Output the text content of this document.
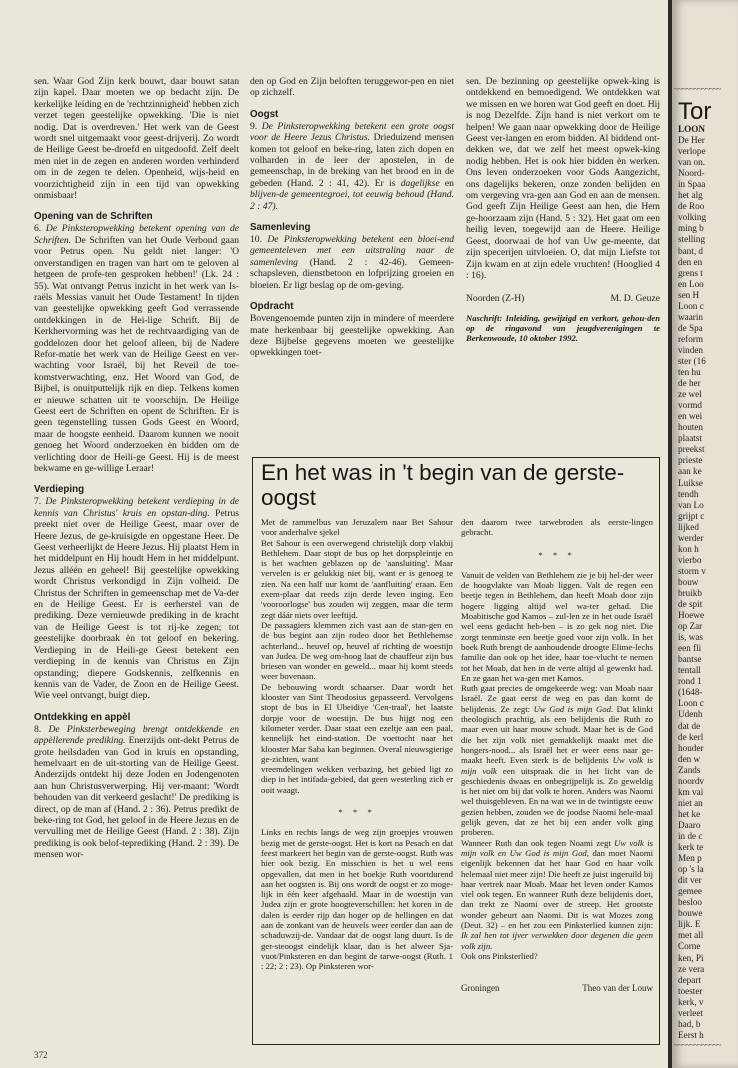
sen. Waar God Zijn kerk bouwt, daar bouwt satan zijn kapel. Daar moeten we op bedacht zijn. De kerkelijke leiding en de 'rechtzinnigheid' hebben zich verzet tegen geestelijke opwekking. 'Die is niet nodig. Dat is overdreven.' Het werk van de Geest wordt snel uitgemaakt voor geest-drijverij. Zo wordt de Heilige Geest be-droefd en uitgedoofd. Zelf deelt men niet in de zegen en anderen worden verhinderd om in de zegen te delen. Openheid, wijs-heid en voorzichtigheid zijn in een tijd van opwekking onmisbaar!

Opening van de Schriften

6. De Pinksteropwekking betekent opening van de Schriften. De Schriften van het Oude Verbond gaan voor Petrus open. Nu geldt niet langer: 'O onverstandigen en tragen van hart om te geloven al hetgeen de profe-ten gesproken hebben!' (Lk. 24 : 55). Wat ontvangt Petrus inzicht in het werk van Is-raëls Messias vanuit het Oude Testament! In tijden van geestelijke opwekking geeft God verrassende ontdekkingen in de Hei-lige Schrift. Bij de Kerkhervorming was het de rechtvaardiging van de goddelozen door het geloof alleen, bij de Nadere Refor-matie het werk van de Heilige Geest en ver-wachting voor Israël, bij het Reveil de toe-komstverwachting, enz. Het Woord van God, de Bijbel, is onuitputtelijk rijk en diep. Telkens komen er nieuwe schatten uit te voorschijn. De Heilige Geest eert de Schriften en opent de Schriften. Er is geen tegenstelling tussen Gods Geest en Woord, maar de hoogste eenheid. Daarom kunnen we nooit genoeg het Woord onderzoeken èn bidden om de verlichting door de Heili-ge Geest. Hij is de meest bekwame en ge-willige Leraar!

Verdieping

7. De Pinksteropwekking betekent verdieping in de kennis van Christus' kruis en opstan-ding. Petrus preekt niet over de Heilige Geest, maar over de Heere Jezus, de ge-kruisigde en opgestane Heer. De Geest verheerlijkt de Heere Jezus. Hij plaatst Hem in het middelpunt en Hij houdt Hem in het middelpunt. Jezus alléén en geheel! Bij geestelijke opwekking wordt Christus verkondigd in Zijn volheid. De Christus der Schriften in gemeenschap met de Va-der en de Heilige Geest. Er is eerherstel van de prediking. Deze vernieuwde prediking in de kracht van de Heilige Geest is tot rij-ke zegen; tot geestelijke doorbraak èn tot geloof en bekering. Verdieping in de Heili-ge Geest betekent een verdieping in de kennis van Christus en Zijn opstanding; diepere Godskennis, zelfkennis en kennis van de Vader, de Zoon en de Heilige Geest. Wie veel ontvangt, buigt diep.

Ontdekking en appèl

8. De Pinksterbeweging brengt ontdekkende en appèllerende prediking. Enerzijds ont-dekt Petrus de grote heilsdaden van God in kruis en opstanding, hemelvaart en de uit-storting van de Heilige Geest. Anderzijds ontdekt hij deze Joden en Jodengenoten aan hun Christusverwerping. Hij ver-maant: 'Wordt behouden van dit verkeerd geslacht!' De prediking is direct, op de man af (Hand. 2 : 36). Petrus predikt de beke-ring tot God, het geloof in de Heere Jezus en de vervulling met de Heilige Geest (Hand. 2 : 38). Zijn prediking is ook belof-teprediking (Hand. 2 : 39). De mensen wor-

den op God en Zijn beloften teruggewor-pen en niet op zichzelf.

Oogst

9. De Pinksteropwekking betekent een grote oogst voor de Heere Jezus Christus. Drieduizend mensen komen tot geloof en beke-ring, laten zich dopen en volharden in de leer der apostelen, in de gemeenschap, in de breking van het brood en in de gebeden (Hand. 2 : 41, 42). Er is dagelijkse en blijven-de gemeentegroei, tot eeuwig behoud (Hand. 2 : 47).

Samenleving

10. De Pinksteropwekking betekent een bloei-end gemeenteleven met een uitstraling naar de samenleving (Hand. 2 : 42-46). Gemeen-schapsleven, dienstbetoon en lofprijzing groeien en bloeien. Er ligt beslag op de om-geving.

Opdracht

Bovengenoemde punten zijn in mindere of meerdere mate herkenbaar bij geestelijke opwekking. Aan deze Bijbelse gegevens moeten we geestelijke opwekkingen toet-

sen. De bezinning op geestelijke opwek-king is ontdekkend en bemoedigend. We ontdekken wat we missen en we horen wat God geeft en doet. Hij is nog Dezelfde. Zijn hand is niet verkort om te helpen! We gaan naar opwekking door de Heilige Geest ver-langen en erom bidden. Al biddend ont-dekken we, dat we zelf het meest opwek-king nodig hebben. Het is ook hier bidden èn werken. Ons leven onderzoeken voor Gods Aangezicht, ons dagelijks bekeren, onze zonden belijden en om vergeving vra-gen aan God en aan de mensen. God geeft Zijn Heilige Geest aan hen, die Hem ge-hoorzaam zijn (Hand. 5 : 32). Het gaat om een heilig leven, toegewijd aan de Heere. Heilige Geest, doorwaai de hof van Uw ge-meente, dat zijn specerijen uitvloeien. O, dat mijn Liefste tot Zijn kwam en at zijn edele vruchten! (Hooglied 4 : 16).

Noorden (Z-H)	M. D. Geuze
Naschrift: Inleiding, gewijzigd en verkort, gehou-den op de ringavond van jeugdverenigingen te Berkenwoude, 10 oktober 1992.
En het was in 't begin van de gerste-oogst

Met de rammelbus van Jeruzalem naar Bet Sahour voor anderhalve sjekel

Bet Sahour is een overwegend christelijk dorp vlakbij Bethlehem. Daar stopt de bus op het dorpspleintje en is het wachten geblazen op de 'aansluiting'. Maar vervelen is er gelukkig niet bij, want er is genoeg te zien. Na een half uur komt de 'aanfluiting' eraan. Een exem-plaar dat reeds zijn derde leven inging. Een 'vooroorlogse' bus zouden wij zeggen, maar die term zegt dáár niets over leeftijd.

De passagiers klemmen zich vast aan de stan-gen en de bus begint aan zijn rodeo door het Bethlehemse achterland... heuvel op, heuvel af richting de woestijn van Judea. De weg om-hoog laat de chauffeur zijn bus briesen van wonder en geweld... maar hij komt steeds weer bovenaan.

De bebouwing wordt schaarser. Daar wordt het klooster van Sint Theodosius gepasseerd. Vervolgens stopt de bus in El Ubeidiye 'Cen-traal', het laatste dorpje voor de woestijn. De bus hijgt nog een kilometer verder. Daar staat een ezeltje aan een paal, kennelijk het eind-station. De voettocht naar het klooster Mar Saba kan beginnen. Overal nieuwsgierige ge-zichten, want

vreemdelingen wekken verbazing, het gebied ligt zo diep in het intifada-gebied, dat geen westerling zich er ooit waagt.

* * *

Links en rechts langs de weg zijn groepjes vrouwen bezig met de gerste-oogst. Het is kort na Pesach en dat feest markeert het begin van de gerste-oogst. Ruth was hier ook bezig. En misschien is het u wel eens opgevallen, dat men in het boekje Ruth voortdurend aan het oogsten is. Bij ons wordt de oogst er zo moge-lijk in één keer afgehaald. Maar in de woestijn van Judea zijn er grote hoogteverschillen: het koren in de dalen is eerder rijp dan hoger op de hellingen en dat aan de zonkant van de heuvels weer eerder dan aan de schaduwzij-de. Vandaar dat de oogst lang duurt. Is de ger-steoogst eindelijk klaar, dan is het alweer Sja-vuot/Pinksteren en dan begint de tarwe-oogst (Ruth. 1 : 22; 2 : 23). Op Pinksteren wor-

den daarom twee tarwebroden als eerste-lingen gebracht.

* * *

Vanuit de velden van Bethlehem zie je bij hel-der weer de hoogvlakte van Moab liggen. Valt de regen een beetje tegen in Bethlehem, dan heeft Moab door zijn hogere ligging altijd wel wa-ter gehad. Die Moabitische god Kamos – zul-len ze in het oude Israël wel eens gedacht heb-ben – is zo gek nog niet. Die zorgt tenminste een beetje goed voor zijn volk. In het boek Ruth brengt de aanhoudende droogte Elime-lechs familie dan ook op het idee, haar toe-vlucht te nemen tot het Moab, dat hen in de verte altijd al gewenkt had. En ze gaan het wa-gen met Kamos.

Ruth gaat precies de omgekeerde weg: van Moab naar Israël. Ze gaat eerst de weg en pas dan komt de belijdenis. Ze zegt: Uw God is mijn God. Dat klinkt theologisch prachtig, als een belijdenis die Ruth zo maar even uit haar mouw schudt. Maar het is de God die het zijn volk niet gemakkelijk maakt met die hongers-nood... als Israël het er weer eens naar ge-maakt heeft. Even sterk is de belijdenis Uw volk is mijn volk een uitspraak die in het licht van de geschiedenis dwaas en onbegrijpelijk is. Zo geweldig is het niet om bij dat volk te horen. Anders was Naomi wel thuisgebleven. En na wat we in de twintigste eeuw gezien hebben, zouden we de joodse Naomi hele-maal gelijk geven, dat ze het bij een ander volk ging proberen.

Wanneer Ruth dan ook tegen Noami zegt Uw volk is mijn volk en Uw God is mijn God, dan moet Naomi eigenlijk bekennen dat het haar God en haar volk helemaal niet meer zijn! Die heeft ze juist ingeruild bij haar vertrek naar Moab. Maar het leven onder Kamos viel ook tegen. En wanneer Ruth deze belijdenis doet, dan trekt ze Naomi over de streep. Het grootste wonder gebeurt aan Naomi. Dit is wat Mozes zong (Deut. 32) – en het zou een Pinksterlied kunnen zijn: Ik zal hen tot ijver verwekken door degenen die geen volk zijn.

Ook ons Pinksterlied?

Groningen	Theo van der Louw
372
~~~~~~~~~~~~
Tor
LOON
De Her
verlope
van on.
Noord-
in Spaa
het alg
de Roo
volking
ming b
stelling
bant, d
den en
grens t
en Loo
sen H
Loon c
waarin
de Spa
reform
vinden
ster (16
ten hu
de her
ze wel
vormd
en wei
houten
plaatst
preekst
prieste
aan ke
Luikse
tendh
van Lo
grijpt c
lijked
werder
kon h
vierbo
storm v
bouw
bruikb
de spit
Hoewe
op Zar
is, was
een fli
bantse
tentall
rond 1
(1648-
Loon c
Udenh
dat de
de kerl
houder
den w
Zands
noordv
km vai
niet an
het ke
Daaro
in de c
kerk te
Men p
op 's la
dit ver
gemee
besloo
bouwe
lijk. E
met all
Corne
ken, Pi
ze vera
depart
toester
kerk, v
verleet
had, b
Eerst h
~~~~~~~~~~~~
